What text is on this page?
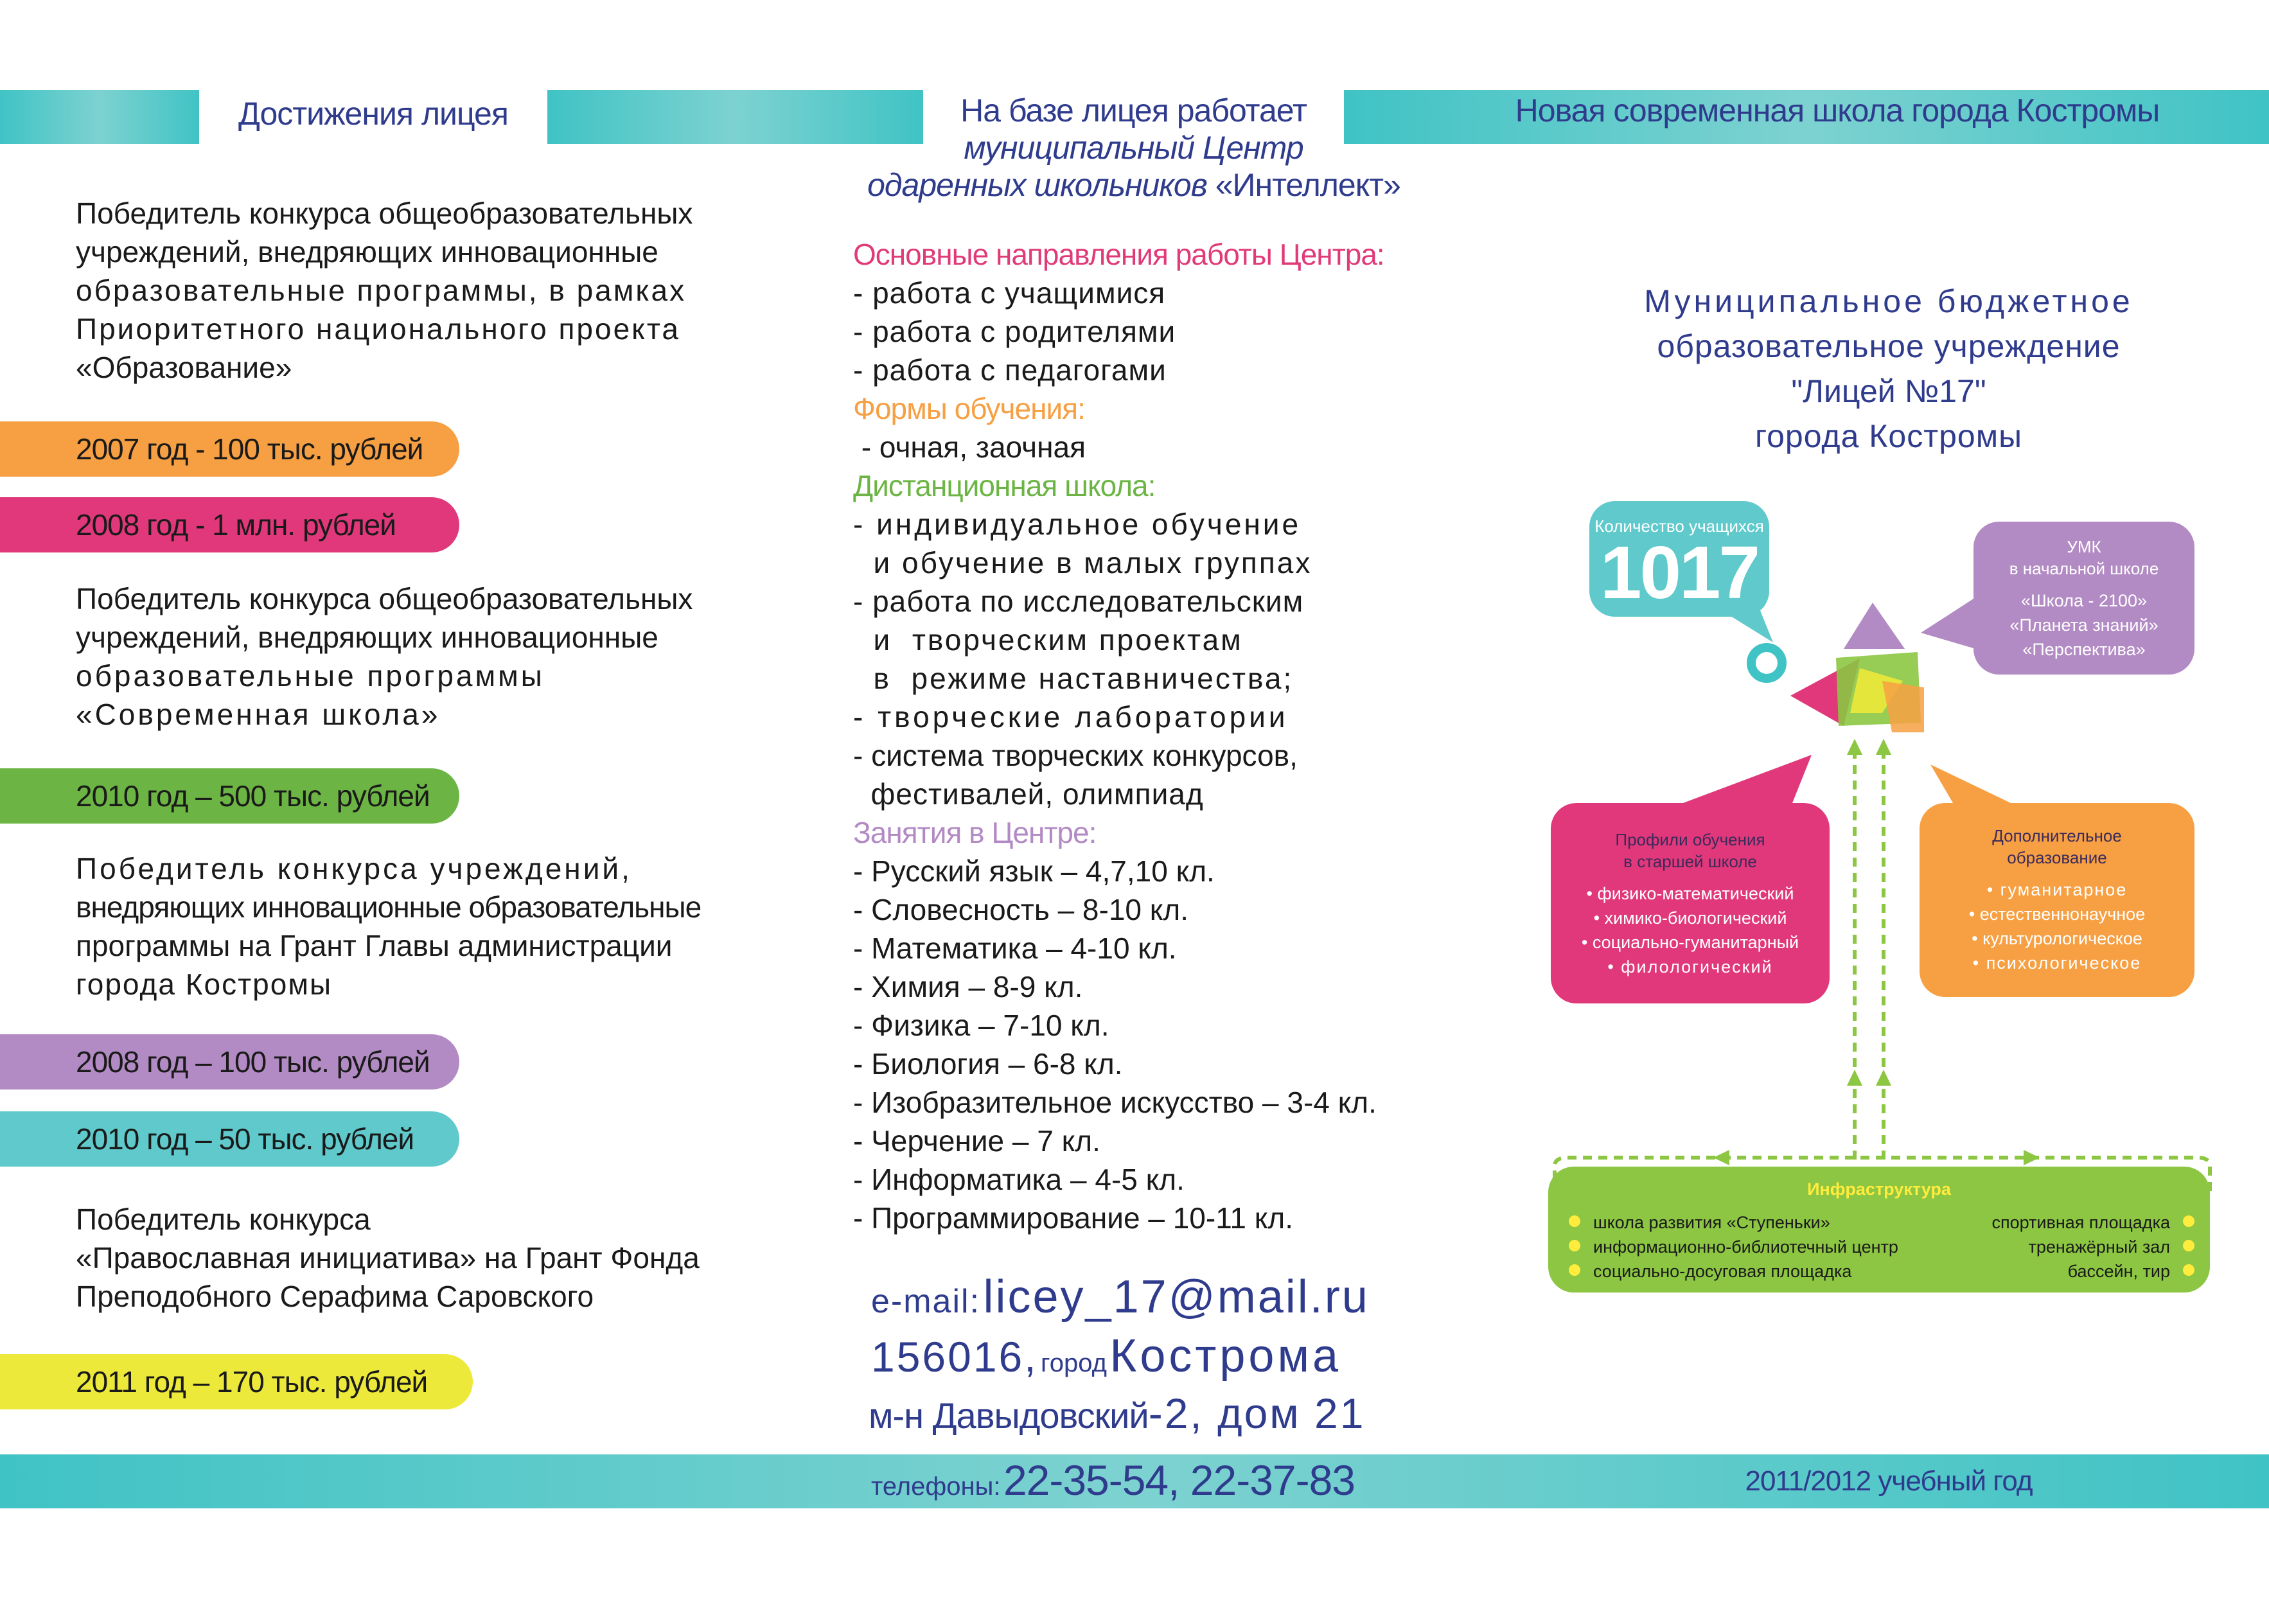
Достижения лицея	На базе лицея работает
муниципальный Центр
одаренных школьников «Интеллект»
Новая современная школа города Костромы
Победитель конкурса общеобразовательных
учреждений, внедряющих инновационные
образовательные программы, в рамках
Приоритетного национального проекта
«Образование»
2007 год - 100 тыс. рублей
2008 год - 1 млн. рублей
Победитель конкурса общеобразовательных
учреждений, внедряющих инновационные
образовательные программы
«Современная школа»
2010 год – 500 тыс. рублей
Победитель конкурса учреждений,
внедряющих инновационные образовательные
программы на Грант Главы администрации
города Костромы
2008 год – 100 тыс. рублей
2010 год – 50 тыс. рублей
Победитель конкурса
«Православная инициатива» на Грант Фонда
Преподобного Серафима Саровского
2011 год – 170 тыс. рублей
Основные направления работы Центра:
- работа с учащимися
- работа с родителями
- работа с педагогами
Формы обучения:
- очная, заочная
Дистанционная школа:
- индивидуальное обучение
и обучение в малых группах
- работа по исследовательским
и  творческим проектам
в  режиме наставничества;
- творческие лаборатории
- система творческих конкурсов,
фестивалей, олимпиад
Занятия в Центре:
- Русский язык – 4,7,10 кл.
- Словесность – 8-10 кл.
- Математика – 4-10 кл.
- Химия – 8-9 кл.
- Физика – 7-10 кл.
- Биология – 6-8 кл.
- Изобразительное искусство – 3-4 кл.
- Черчение – 7 кл.
- Информатика – 4-5 кл.
- Программирование – 10-11 кл.
e-mail: licey_17@mail.ru
156016, город Кострома
м-н Давыдовский-2, дом 21
телефоны: 22-35-54, 22-37-83	2011/2012 учебный год
Муниципальное бюджетное
образовательное учреждение
"Лицей №17"
города Костромы
Количество учащихся
1017	УМК
в начальной школе
«Школа - 2100»
«Планета знаний»
«Перспектива»
Профили обучения
в старшей школе
• физико-математический
• химико-биологический
• социально-гуманитарный
• филологический
Дополнительное
образование
• гуманитарное
• естественнонаучное
• культурологическое
• психологическое
Инфраструктура
школа развития «Ступеньки»
информационно-библиотечный центр
социально-досуговая площадка
спортивная площадка
тренажёрный зал
бассейн, тир
